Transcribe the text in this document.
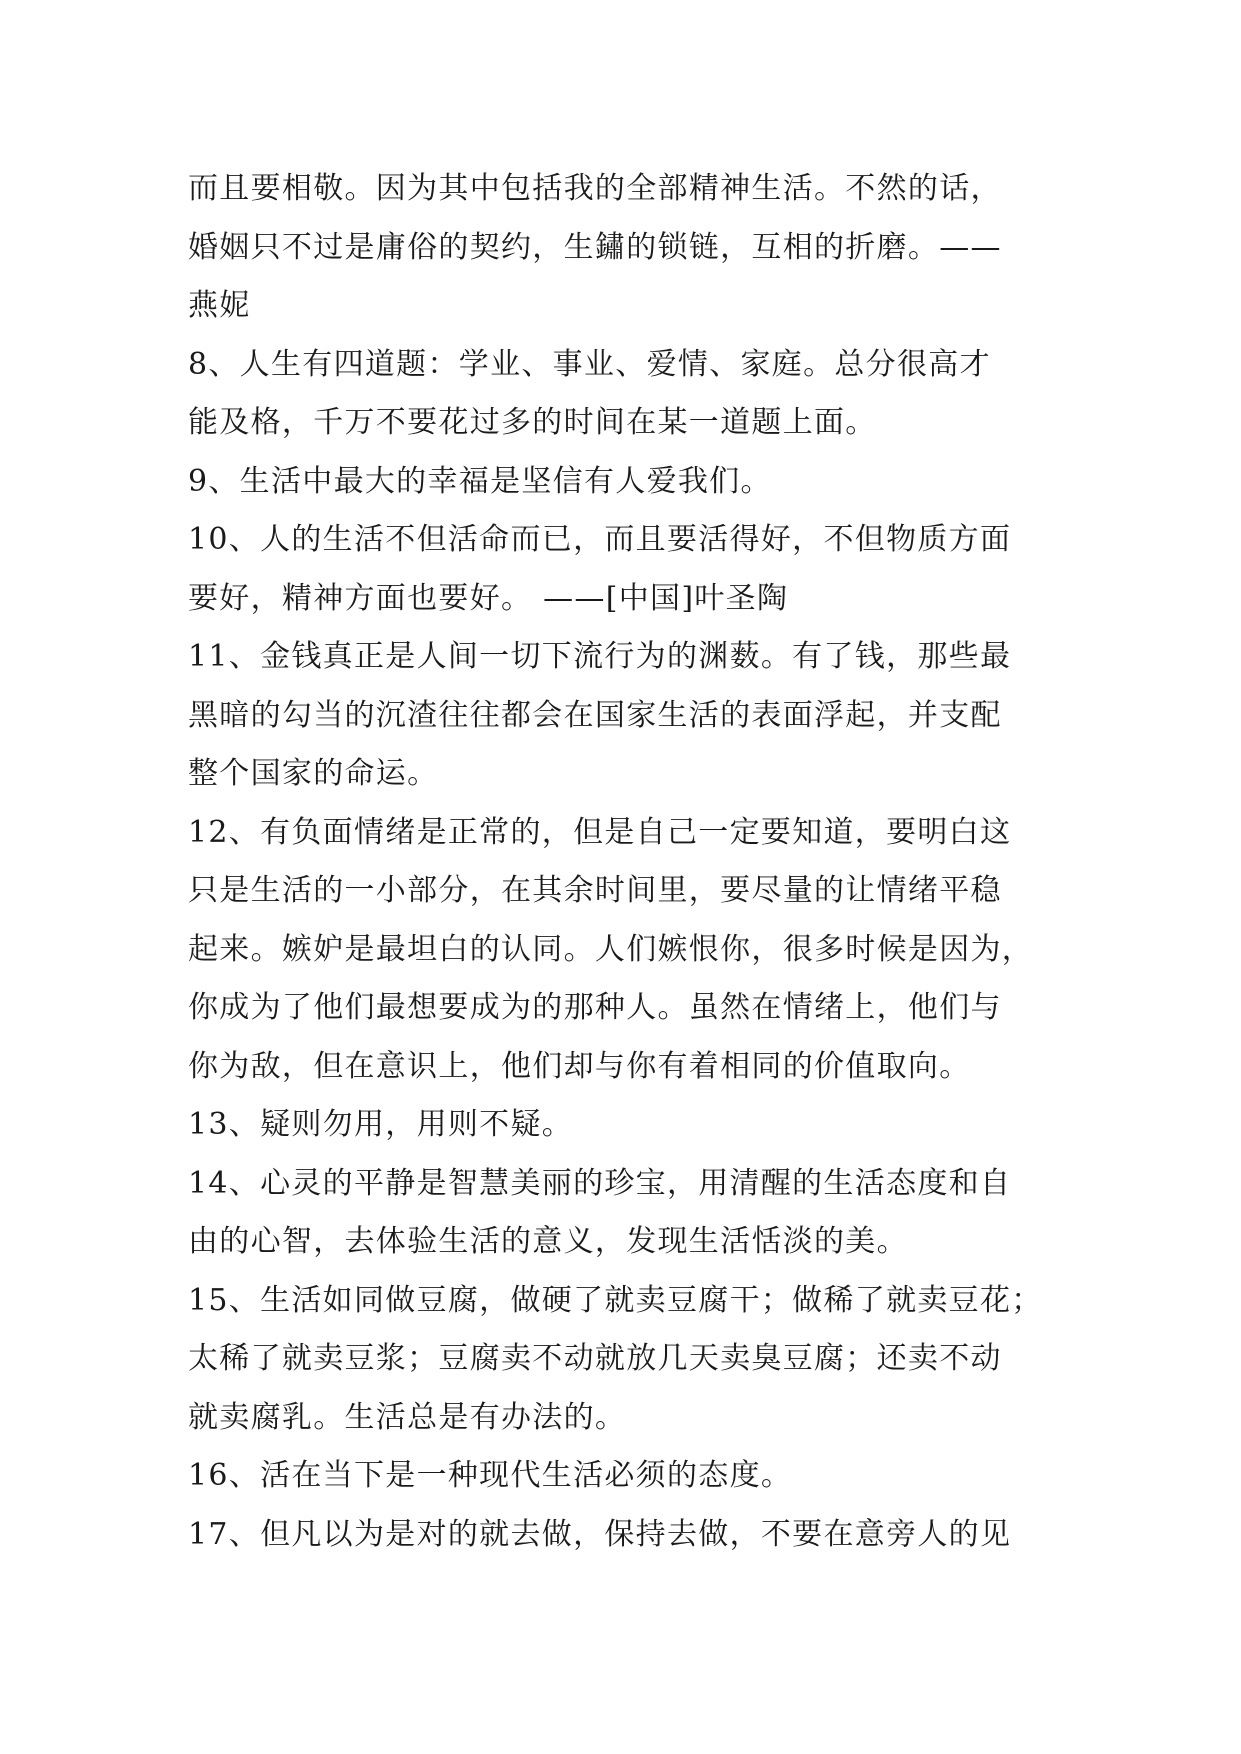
而且要相敬。因为其中包括我的全部精神生活。不然的话，
婚姻只不过是庸俗的契约，生鏽的锁链，互相的折磨。——
燕妮
8、人生有四道题：学业、事业、爱情、家庭。总分很高才
能及格，千万不要花过多的时间在某一道题上面。
9、生活中最大的幸福是坚信有人爱我们。
10、人的生活不但活命而已，而且要活得好，不但物质方面
要好，精神方面也要好。 ——[中国]叶圣陶
11、金钱真正是人间一切下流行为的渊薮。有了钱，那些最
黑暗的勾当的沉渣往往都会在国家生活的表面浮起，并支配
整个国家的命运。
12、有负面情绪是正常的，但是自己一定要知道，要明白这
只是生活的一小部分，在其余时间里，要尽量的让情绪平稳
起来。嫉妒是最坦白的认同。人们嫉恨你，很多时候是因为，
你成为了他们最想要成为的那种人。虽然在情绪上，他们与
你为敌，但在意识上，他们却与你有着相同的价值取向。
13、疑则勿用，用则不疑。
14、心灵的平静是智慧美丽的珍宝，用清醒的生活态度和自
由的心智，去体验生活的意义，发现生活恬淡的美。
15、生活如同做豆腐，做硬了就卖豆腐干；做稀了就卖豆花；
太稀了就卖豆浆；豆腐卖不动就放几天卖臭豆腐；还卖不动
就卖腐乳。生活总是有办法的。
16、活在当下是一种现代生活必须的态度。
17、但凡以为是对的就去做，保持去做，不要在意旁人的见
